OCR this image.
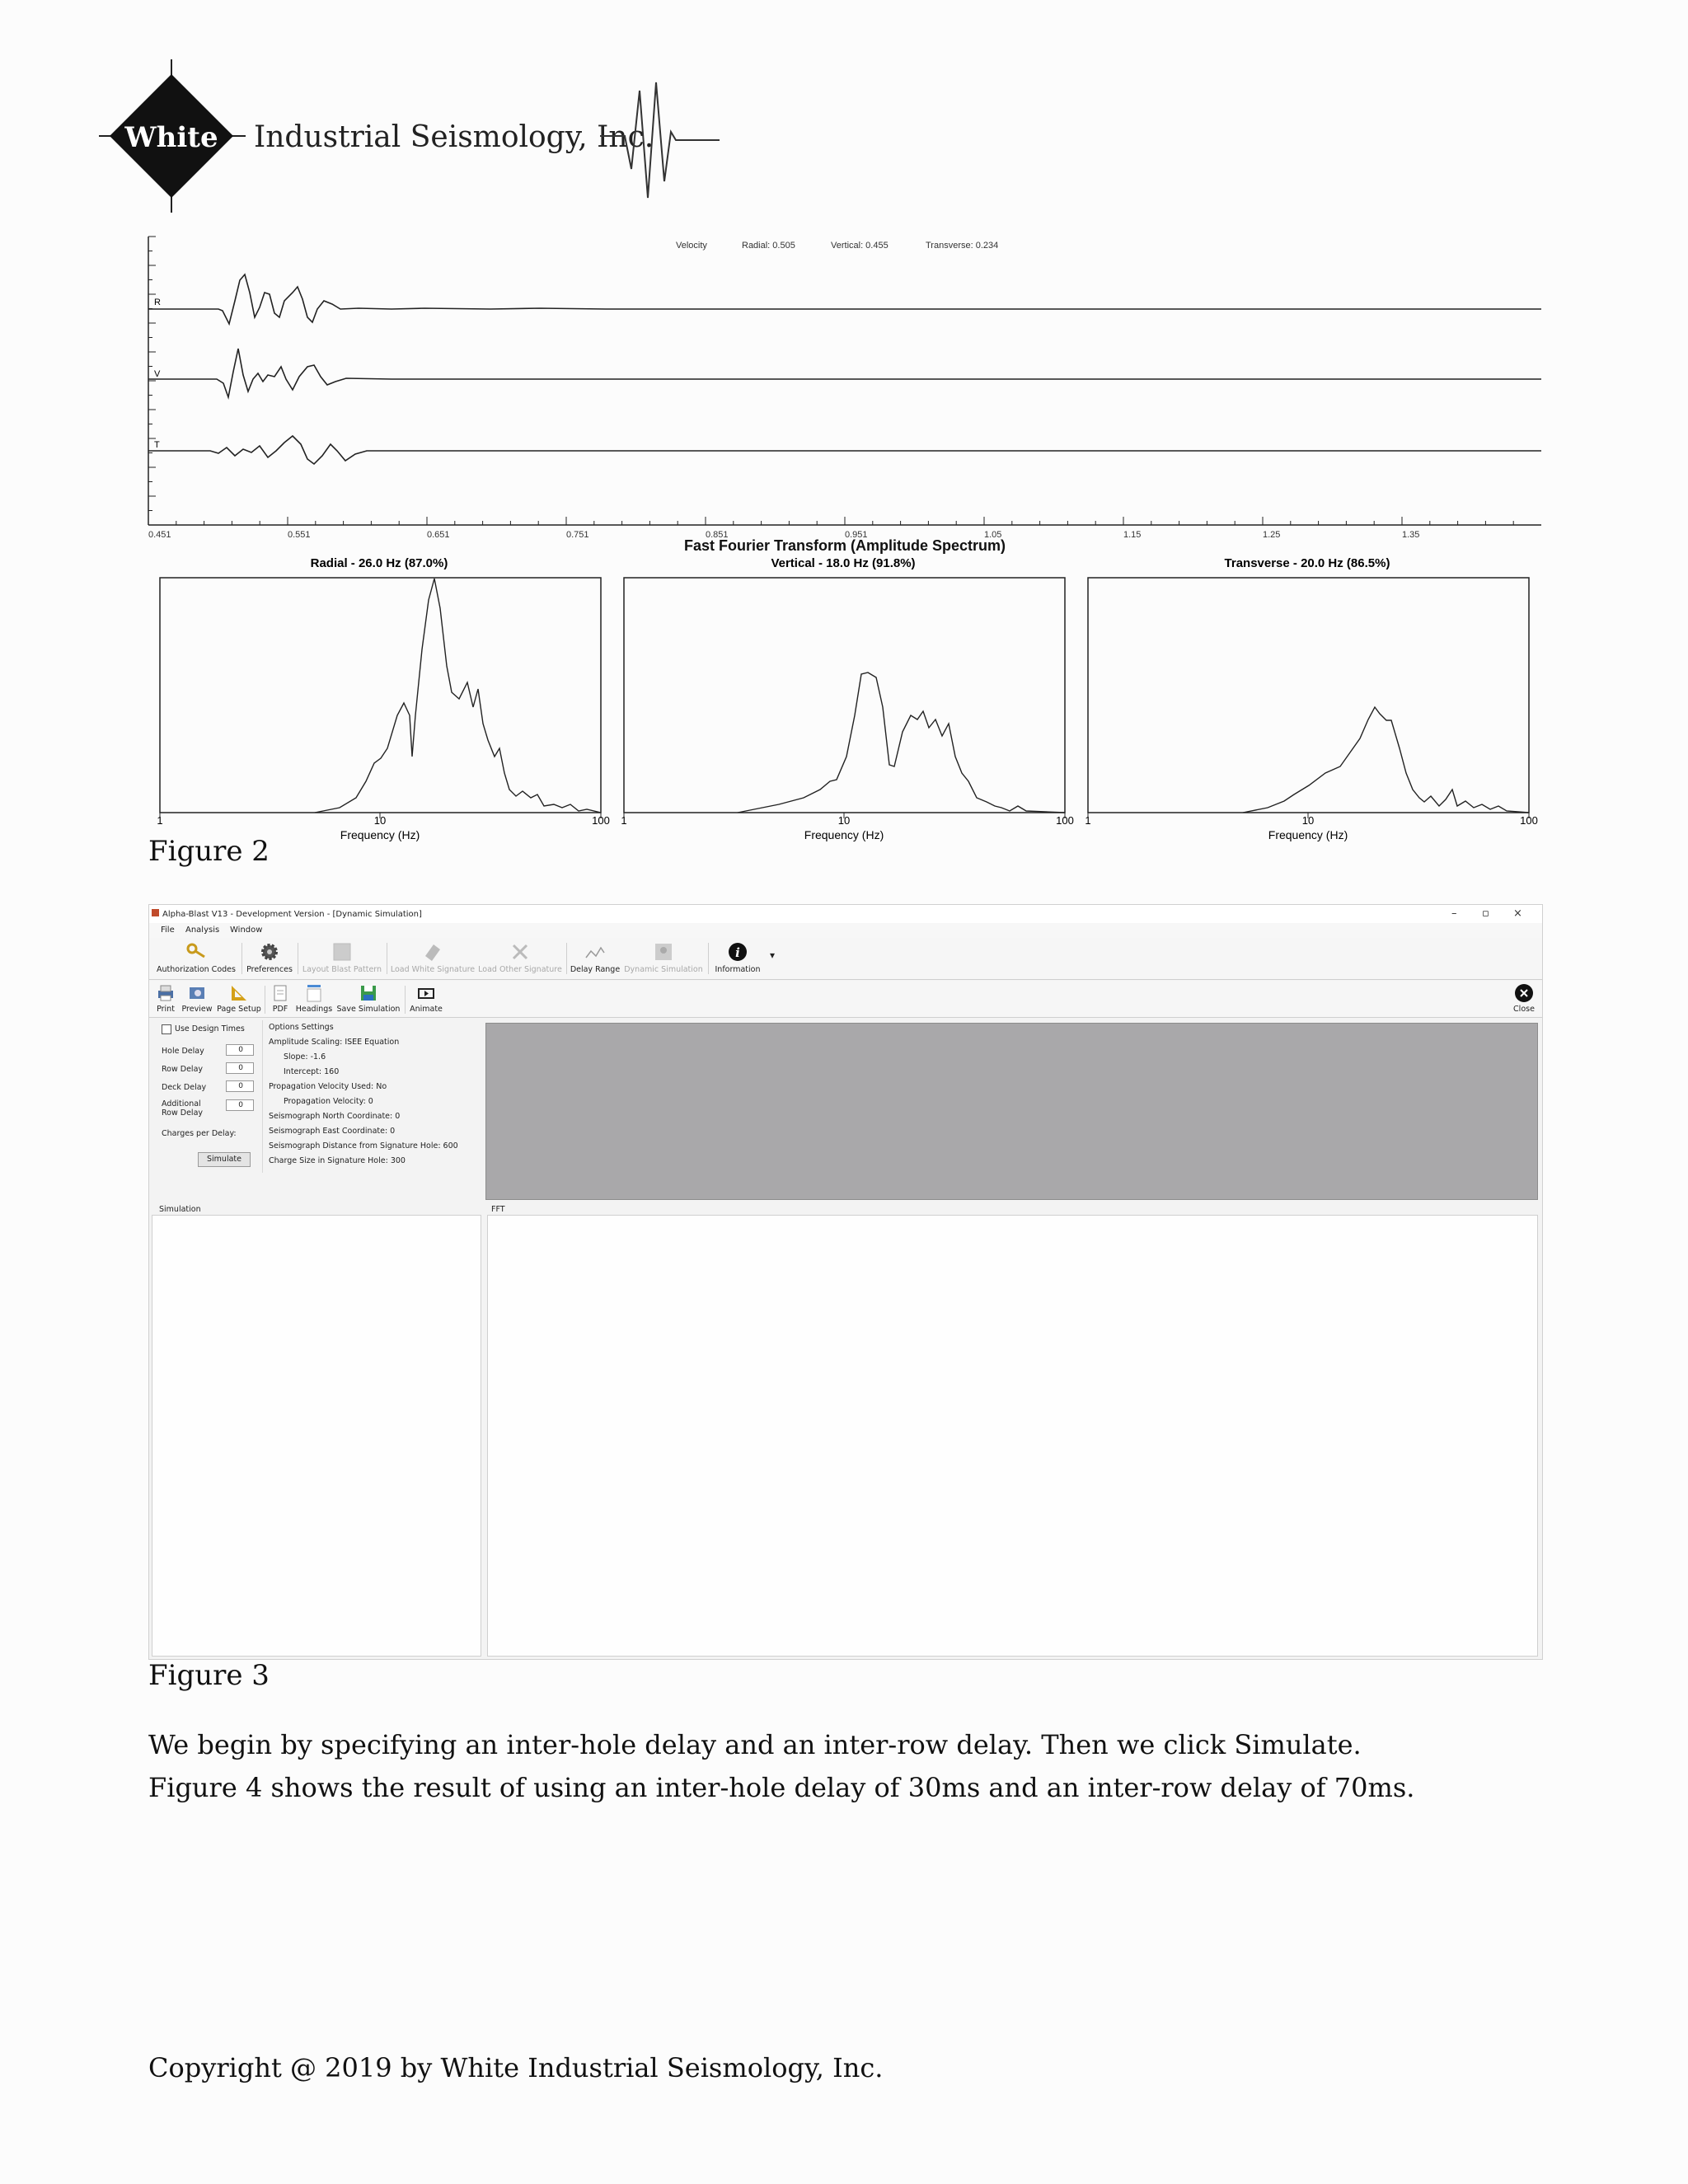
White Industrial Seismology, Inc.
Velocity	Radial: 0.505	Vertical: 0.455	Transverse: 0.234
R
V
T
0.451	0.551	0.651	0.751	0.851	0.951	1.05	1.15	1.25	1.35
Fast Fourier Transform (Amplitude Spectrum)
Radial - 26.0 Hz (87.0%)
1	10	100
Frequency (Hz)
Vertical - 18.0 Hz (91.8%)
1	10	100
Frequency (Hz)
Transverse - 20.0 Hz (86.5%)
1	10	100
Frequency (Hz)
Figure 2
Alpha-Blast V13 - Development Version - [Dynamic Simulation]	– ▫ ×
File Analysis Window
Authorization Codes Preferences Layout Blast Pattern Load White Signature Load Other Signature Delay Range Dynamic Simulation
i
Information
▾
Print Preview Page Setup	PDF	Headings Save Simulation Animate	Close
Use Design Times
Hole Delay	0
Row Delay	0
Deck Delay	0
Additional Row Delay
0
Charges per Delay:
Simulate
Options Settings
Amplitude Scaling: ISEE Equation
Slope: -1.6
Intercept: 160
Propagation Velocity Used: No
Propagation Velocity: 0
Seismograph North Coordinate: 0
Seismograph East Coordinate: 0
Seismograph Distance from Signature Hole: 600
Charge Size in Signature Hole: 300
Simulation	FFT
Figure 3
We begin by specifying an inter-hole delay and an inter-row delay. Then we click Simulate.
Figure 4 shows the result of using an inter-hole delay of 30ms and an inter-row delay of 70ms.
Copyright @ 2019 by White Industrial Seismology, Inc.
